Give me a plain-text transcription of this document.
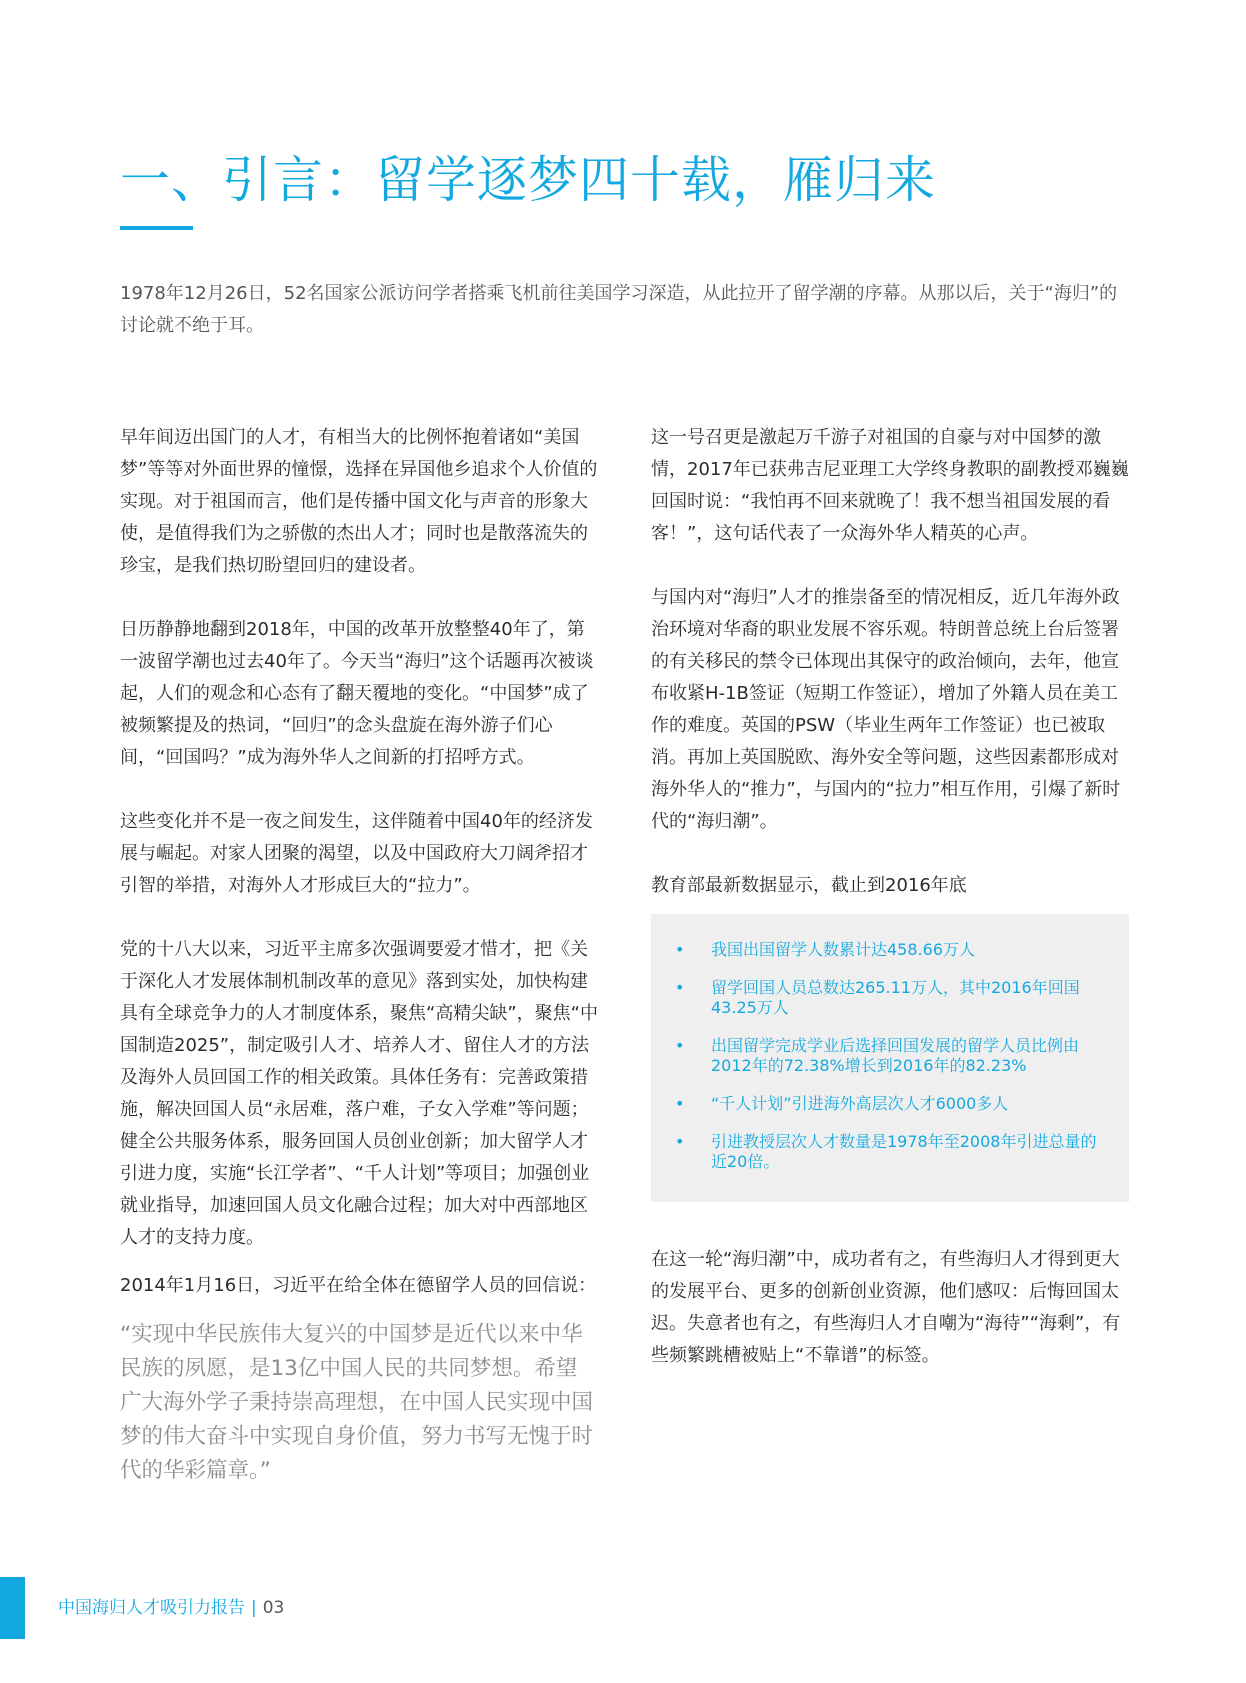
一、引言：留学逐梦四十载，雁归来

1978年12月26日，52名国家公派访问学者搭乘飞机前往美国学习深造，从此拉开了留学潮的序幕。从那以后，关于“海归”的讨论就不绝于耳。

早年间迈出国门的人才，有相当大的比例怀抱着诸如“美国梦”等等对外面世界的憧憬，选择在异国他乡追求个人价值的实现。对于祖国而言，他们是传播中国文化与声音的形象大使，是值得我们为之骄傲的杰出人才；同时也是散落流失的珍宝，是我们热切盼望回归的建设者。

日历静静地翻到2018年，中国的改革开放整整40年了，第一波留学潮也过去40年了。今天当“海归”这个话题再次被谈起，人们的观念和心态有了翻天覆地的变化。“中国梦”成了被频繁提及的热词，“回归”的念头盘旋在海外游子们心间，“回国吗？”成为海外华人之间新的打招呼方式。

这些变化并不是一夜之间发生，这伴随着中国40年的经济发展与崛起。对家人团聚的渴望，以及中国政府大刀阔斧招才引智的举措，对海外人才形成巨大的“拉力”。

党的十八大以来，习近平主席多次强调要爱才惜才，把《关于深化人才发展体制机制改革的意见》落到实处，加快构建具有全球竞争力的人才制度体系，聚焦“高精尖缺”，聚焦“中国制造2025”，制定吸引人才、培养人才、留住人才的方法及海外人员回国工作的相关政策。具体任务有：完善政策措施，解决回国人员“永居难，落户难，子女入学难”等问题；健全公共服务体系，服务回国人员创业创新；加大留学人才引进力度，实施“长江学者”、“千人计划”等项目；加强创业就业指导，加速回国人员文化融合过程；加大对中西部地区人才的支持力度。

2014年1月16日，习近平在给全体在德留学人员的回信说：

“实现中华民族伟大复兴的中国梦是近代以来中华民族的夙愿，是13亿中国人民的共同梦想。希望广大海外学子秉持崇高理想，在中国人民实现中国梦的伟大奋斗中实现自身价值，努力书写无愧于时代的华彩篇章。”

这一号召更是激起万千游子对祖国的自豪与对中国梦的激情，2017年已获弗吉尼亚理工大学终身教职的副教授邓巍巍回国时说：“我怕再不回来就晚了！我不想当祖国发展的看客！”，这句话代表了一众海外华人精英的心声。

与国内对“海归”人才的推崇备至的情况相反，近几年海外政治环境对华裔的职业发展不容乐观。特朗普总统上台后签署的有关移民的禁令已体现出其保守的政治倾向，去年，他宣布收紧H-1B签证（短期工作签证），增加了外籍人员在美工作的难度。英国的PSW（毕业生两年工作签证）也已被取消。再加上英国脱欧、海外安全等问题，这些因素都形成对海外华人的“推力”，与国内的“拉力”相互作用，引爆了新时代的“海归潮”。

教育部最新数据显示，截止到2016年底

• 我国出国留学人数累计达458.66万人
• 留学回国人员总数达265.11万人，其中2016年回国43.25万人
• 出国留学完成学业后选择回国发展的留学人员比例由2012年的72.38%增长到2016年的82.23%
• “千人计划”引进海外高层次人才6000多人
• 引进教授层次人才数量是1978年至2008年引进总量的近20倍。

在这一轮“海归潮”中，成功者有之，有些海归人才得到更大的发展平台、更多的创新创业资源，他们感叹：后悔回国太迟。失意者也有之，有些海归人才自嘲为“海待”“海剩”，有些频繁跳槽被贴上“不靠谱”的标签。

中国海归人才吸引力报告 | 03
